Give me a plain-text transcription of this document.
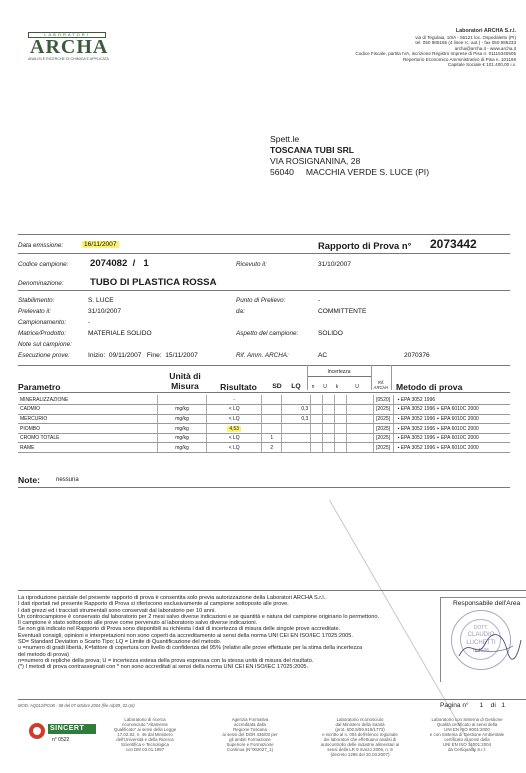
LABORATORI
ARCHA
ANALISI E RICERCHE DI CHIMICA E APPLICATA
Laboratori ARCHA S.r.l.
via di Tegulaia, 10/A - 56121 loc. Ospedaletto (PI)
tel. 050 985165 (4 linee rc. aut.) - fax 050 985233
archa@archa.it - www.archa.it
Codice Fiscale, partita IVA, iscrizione Registro Imprese di Pisa n. 01115340505
Repertorio Economico Amministrativo di Pisa n. 101169
Capitale Sociale € 101.400,00 i.v.
Spett.le
TOSCANA TUBI SRL
VIA ROSIGNANINA, 28
56040 MACCHIA VERDE S. LUCE (PI)
Data emissione:	16/11/2007	Rapporto di Prova n° 2073442
Codice campione: 2074082  /   1	Ricevuto il:	31/10/2007
Denominazione:	TUBO DI PLASTICA ROSSA
Stabilimento:	S. LUCE	Punto di Prelievo:	-
Prelevato il:	31/10/2007	da:	COMMITTENTE
Campionamento:	-
Matrice/Prodotto:	MATERIALE SOLIDO	Aspetto del campione:	SOLIDO
Note sul campione:
Esecuzione prove:	Inizio: 09/11/2007 Fine: 15/11/2007	Rif. Amm. ARCHA:	AC	2070376
Parametro
Unità di
Misura	Risultato	SD	LQ
Incertezza
n	U	k	U
Rif.
ARCHA Metodo di prova
MINERALIZZAZIONE		-							[0520]	▪ EPA 3052 1996
CADMIO	mg/kg	< LQ		0,3					[2025]	▪ EPA 3052 1996 + EPA 6010C 2000
MERCURIO	mg/kg	< LQ		0,3					[2025]	▪ EPA 3052 1996 + EPA 6010C 2000
PIOMBO	mg/kg	4,53							[2025]	▪ EPA 3052 1996 + EPA 6010C 2000
CROMO TOTALE	mg/kg	< LQ	1						[2025]	▪ EPA 3052 1996 + EPA 6010C 2000
RAME	mg/kg	< LQ	2						[2025]	▪ EPA 3052 1996 + EPA 6010C 2000
Note:	nessuna
La riproduzione parziale del presente rapporto di prova è consentita solo previa autorizzazione della Laboratori ARCHA S.r.l..
I dati riportati nel presente Rapporto di Prova si riferiscono esclusivamente al campione sottoposto alle prove.
I dati grezzi ed i tracciati strumentali sono conservati dal laboratorio per 10 anni.
Un controcampione è conservato dal laboratorio per 2 mesi salvo diverse indicazioni e se quantità e natura del campione originario lo permettono.
Il campione è stato sottoposto alle prove come pervenuto al laboratorio salvo diverse indicazioni.
Se non già indicato nel Rapporto di Prova sono disponibili su richiesta i dati di incertezza di misura delle singole prove accreditate.
Eventuali consigli, opinioni e interpretazioni non sono coperti da accreditamento ai sensi della norma UNI CEI EN ISO/IEC 17025:2005.
SD= Standard Deviation o Scarto Tipo; LQ = Limite di Quantificazione del metodo.
υ =numero di gradi libertà, K=fattore di copertura con livello di confidenza del 95% (relativi alle prove effettuate per la stima della incertezza
del metodo di prova)
n=numero di repliche della prova; U = incertezza estesa della prova espressa con la stessa unità di misura del risultato.
(*) I metodi di prova contrassegnati con * non sono accreditati ai sensi della norma UNI CEI EN ISO/IEC 17025:2005.
Responsabile dell'Area
DOTT.
CLAUDIO
LUCHETTI
N.1605
Pagina n° 1 di 1
MOD. AQ012/PG08 - 08 del 07 ottobre 2004 (file rdp09_02.rpt)
SINCERT
n° 0522
Laboratorio di ricerca
riconosciuto "Altamente
Qualificato" ai sensi della Legge
17.02.82, n. 46 dal Ministero
dell'Università e della Ricerca
Scientifica e Tecnologica
con DM 03.01.1997
Agenzia Formativa
accreditata dalla
Regione Toscana
ai sensi del DGR 436/03 per
gli ambiti Formazione
Superiore e Formazione
Continua (N°002027_1)
Laboratorio riconosciuto
dal Ministero della Sanità
(prot. 600.5/59.819/1773)
e iscritto al n. 004 dell'elenco regionale
dei laboratori che effettuano analisi di
autocontrollo delle industrie alimentari ai
sensi della LR 9 marzo 2006, n. 9
(decreto 1296 del 20.03.2007)
Laboratorio con Sistema di Gestione
Qualità certificato ai sensi della
UNI EN ISO 9001:2000
e con Sistema di Gestione Ambientale
certificato ai sensi della
UNI EN ISO 14001:2004
da Certiquality S.r.l.
